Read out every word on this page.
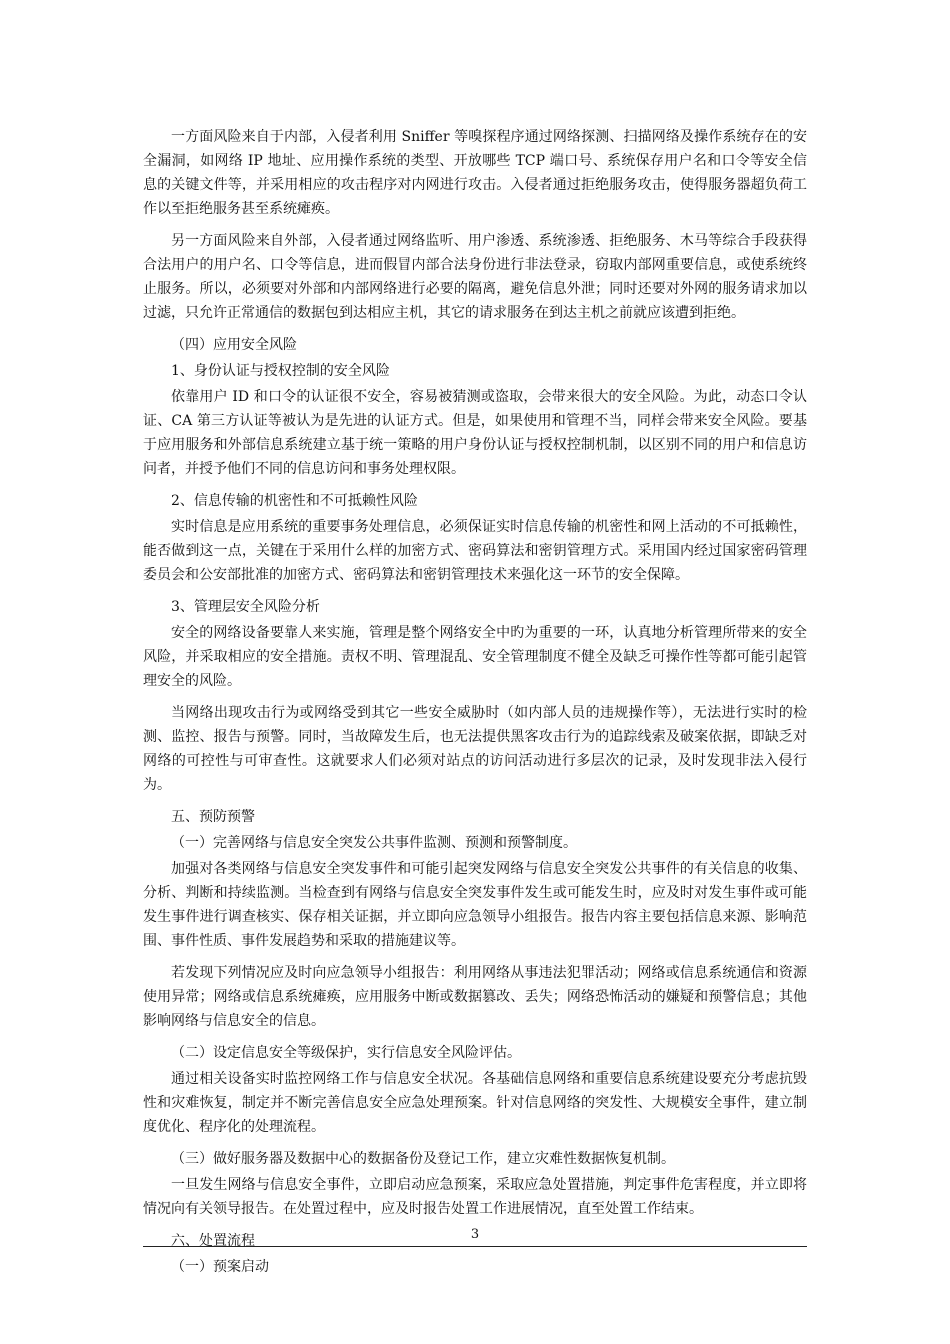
一方面风险来自于内部，入侵者利用 Sniffer 等嗅探程序通过网络探测、扫描网络及操作系统存在的安全漏洞，如网络 IP 地址、应用操作系统的类型、开放哪些 TCP 端口号、系统保存用户名和口令等安全信息的关键文件等，并采用相应的攻击程序对内网进行攻击。入侵者通过拒绝服务攻击，使得服务器超负荷工作以至拒绝服务甚至系统瘫痪。

另一方面风险来自外部，入侵者通过网络监听、用户渗透、系统渗透、拒绝服务、木马等综合手段获得合法用户的用户名、口令等信息，进而假冒内部合法身份进行非法登录，窃取内部网重要信息，或使系统终止服务。所以，必须要对外部和内部网络进行必要的隔离，避免信息外泄；同时还要对外网的服务请求加以过滤，只允许正常通信的数据包到达相应主机，其它的请求服务在到达主机之前就应该遭到拒绝。

（四）应用安全风险

1、身份认证与授权控制的安全风险

依靠用户 ID 和口令的认证很不安全，容易被猜测或盗取，会带来很大的安全风险。为此，动态口令认证、CA 第三方认证等被认为是先进的认证方式。但是，如果使用和管理不当，同样会带来安全风险。要基于应用服务和外部信息系统建立基于统一策略的用户身份认证与授权控制机制，以区别不同的用户和信息访问者，并授予他们不同的信息访问和事务处理权限。

2、信息传输的机密性和不可抵赖性风险

实时信息是应用系统的重要事务处理信息，必须保证实时信息传输的机密性和网上活动的不可抵赖性，能否做到这一点，关键在于采用什么样的加密方式、密码算法和密钥管理方式。采用国内经过国家密码管理委员会和公安部批准的加密方式、密码算法和密钥管理技术来强化这一环节的安全保障。

3、管理层安全风险分析

安全的网络设备要靠人来实施，管理是整个网络安全中旳为重要的一环，认真地分析管理所带来的安全风险，并采取相应的安全措施。责权不明、管理混乱、安全管理制度不健全及缺乏可操作性等都可能引起管理安全的风险。

当网络出现攻击行为或网络受到其它一些安全威胁时（如内部人员的违规操作等），无法进行实时的检测、监控、报告与预警。同时，当故障发生后，也无法提供黑客攻击行为的追踪线索及破案依据，即缺乏对网络的可控性与可审查性。这就要求人们必须对站点的访问活动进行多层次的记录，及时发现非法入侵行为。

五、预防预警

（一）完善网络与信息安全突发公共事件监测、预测和预警制度。

加强对各类网络与信息安全突发事件和可能引起突发网络与信息安全突发公共事件的有关信息的收集、分析、判断和持续监测。当检查到有网络与信息安全突发事件发生或可能发生时，应及时对发生事件或可能发生事件进行调查核实、保存相关证据，并立即向应急领导小组报告。报告内容主要包括信息来源、影响范围、事件性质、事件发展趋势和采取的措施建议等。

若发现下列情况应及时向应急领导小组报告：利用网络从事违法犯罪活动；网络或信息系统通信和资源使用异常；网络或信息系统瘫痪，应用服务中断或数据篡改、丢失；网络恐怖活动的嫌疑和预警信息；其他影响网络与信息安全的信息。

（二）设定信息安全等级保护，实行信息安全风险评估。

通过相关设备实时监控网络工作与信息安全状况。各基础信息网络和重要信息系统建设要充分考虑抗毁性和灾难恢复，制定并不断完善信息安全应急处理预案。针对信息网络的突发性、大规模安全事件，建立制度优化、程序化的处理流程。

（三）做好服务器及数据中心的数据备份及登记工作，建立灾难性数据恢复机制。

一旦发生网络与信息安全事件，立即启动应急预案，采取应急处置措施，判定事件危害程度，并立即将情况向有关领导报告。在处置过程中，应及时报告处置工作进展情况，直至处置工作结束。

六、处置流程

（一）预案启动

3
